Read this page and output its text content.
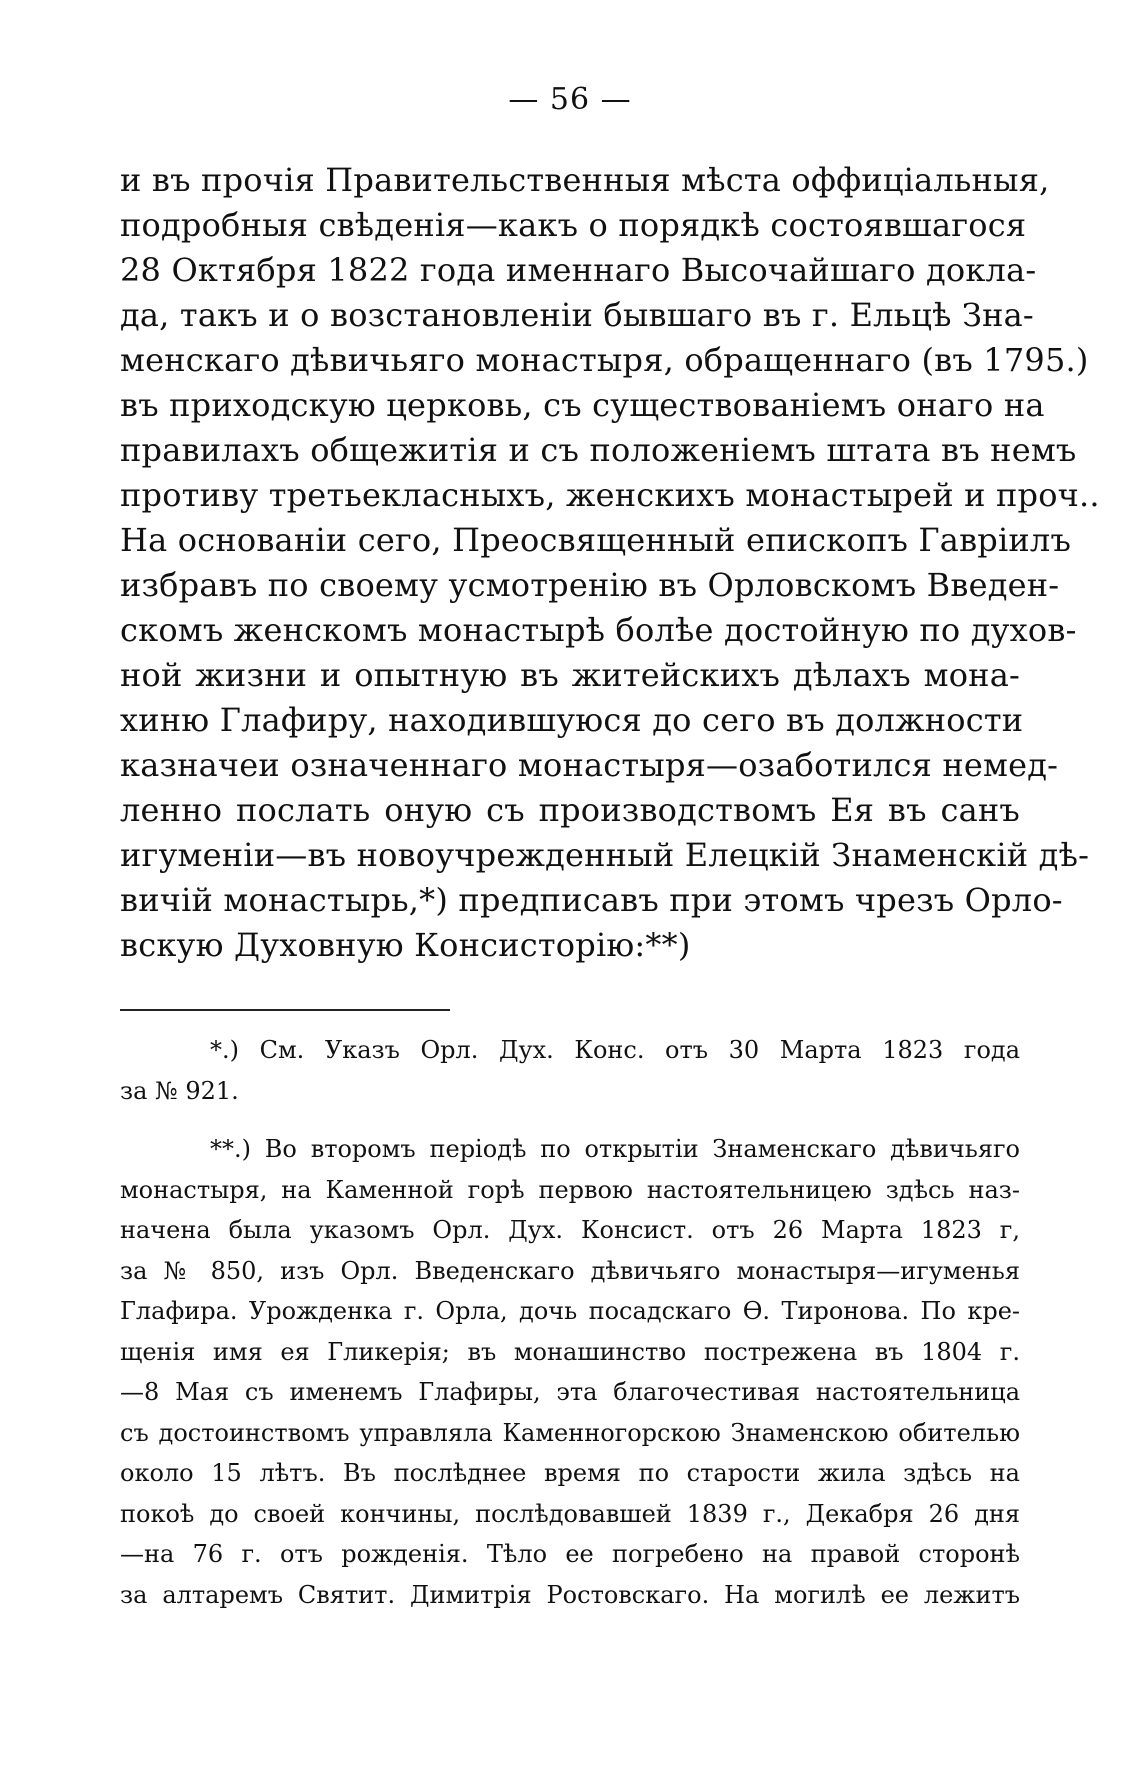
— 56 —
и въ прочія Правительственныя мѣста оффиціальныя,
подробныя свѣденія—какъ о порядкѣ состоявшагося
28 Октября 1822 года именнаго Высочайшаго докла-
да, такъ и о возстановленіи бывшаго въ г. Ельцѣ Зна-
менскаго дѣвичьяго монастыря, обращеннаго (въ 1795.)
въ приходскую церковь, съ существованіемъ онаго на
правилахъ общежитія и съ положеніемъ штата въ немъ
противу третьекласныхъ, женскихъ монастырей и проч..
На основаніи сего, Преосвященный епископъ Гавріилъ
избравъ по своему усмотренію въ Орловскомъ Введен-
скомъ женскомъ монастырѣ болѣе достойную по духов-
ной жизни и опытную въ житейскихъ дѣлахъ мона-
хиню Глафиру, находившуюся до сего въ должности
казначеи означеннаго монастыря—озаботился немед-
ленно послать оную съ производствомъ Ея въ санъ
игуменіи—въ новоучрежденный Елецкій Знаменскій дѣ-
вичій монастырь,*) предписавъ при этомъ чрезъ Орло-
вскую Духовную Консисторію:**)
*.) См. Указъ Орл. Дух. Конс. отъ 30 Марта 1823 года
за № 921.
**.) Во второмъ періодѣ по открытіи Знаменскаго дѣвичьяго
монастыря, на Каменной горѣ первою настоятельницею здѣсь наз-
начена была указомъ Орл. Дух. Консист. отъ 26 Марта 1823 г,
за № 850, изъ Орл. Введенскаго дѣвичьяго монастыря—игуменья
Глафира. Урожденка г. Орла, дочь посадскаго Ѳ. Тиронова. По кре-
щенія имя ея Гликерія; въ монашинство пострежена въ 1804 г.
—8 Мая съ именемъ Глафиры, эта благочестивая настоятельница
съ достоинствомъ управляла Каменногорскою Знаменскою обителью
около 15 лѣтъ. Въ послѣднее время по старости жила здѣсь на
покоѣ до своей кончины, послѣдовавшей 1839 г., Декабря 26 дня
—на 76 г. отъ рожденія. Тѣло ее погребено на правой сторонѣ
за алтаремъ Святит. Димитрія Ростовскаго. На могилѣ ее лежитъ
